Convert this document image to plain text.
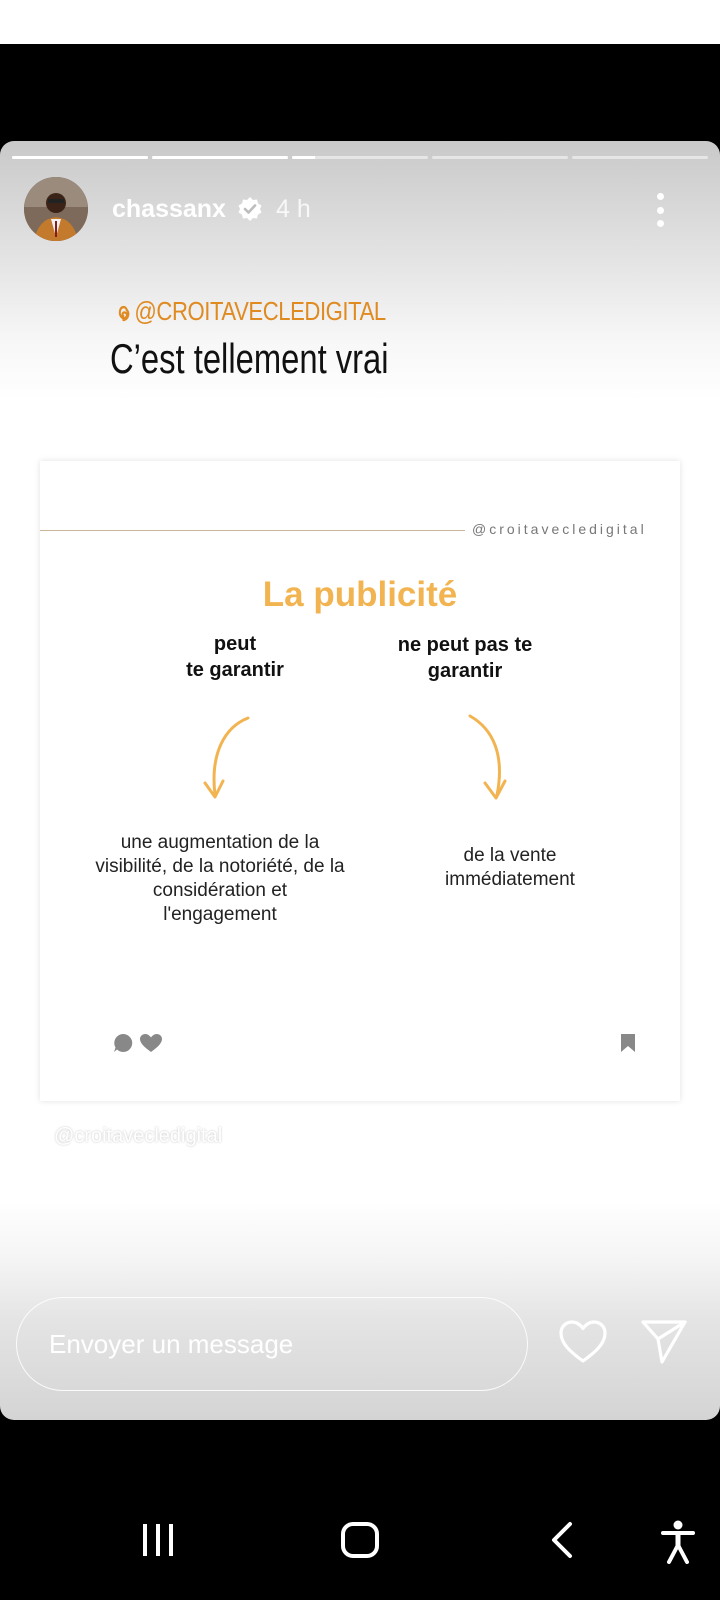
chassanx 4 h
@CROITAVECLEDIGITAL
C’est tellement vrai
@croitavecledigital
La publicité
peut
te garantir
ne peut pas te
garantir
une augmentation de la
visibilité, de la notoriété, de la
considération et
l'engagement
de la vente
immédiatement
@croitavecledigital
Envoyer un message
